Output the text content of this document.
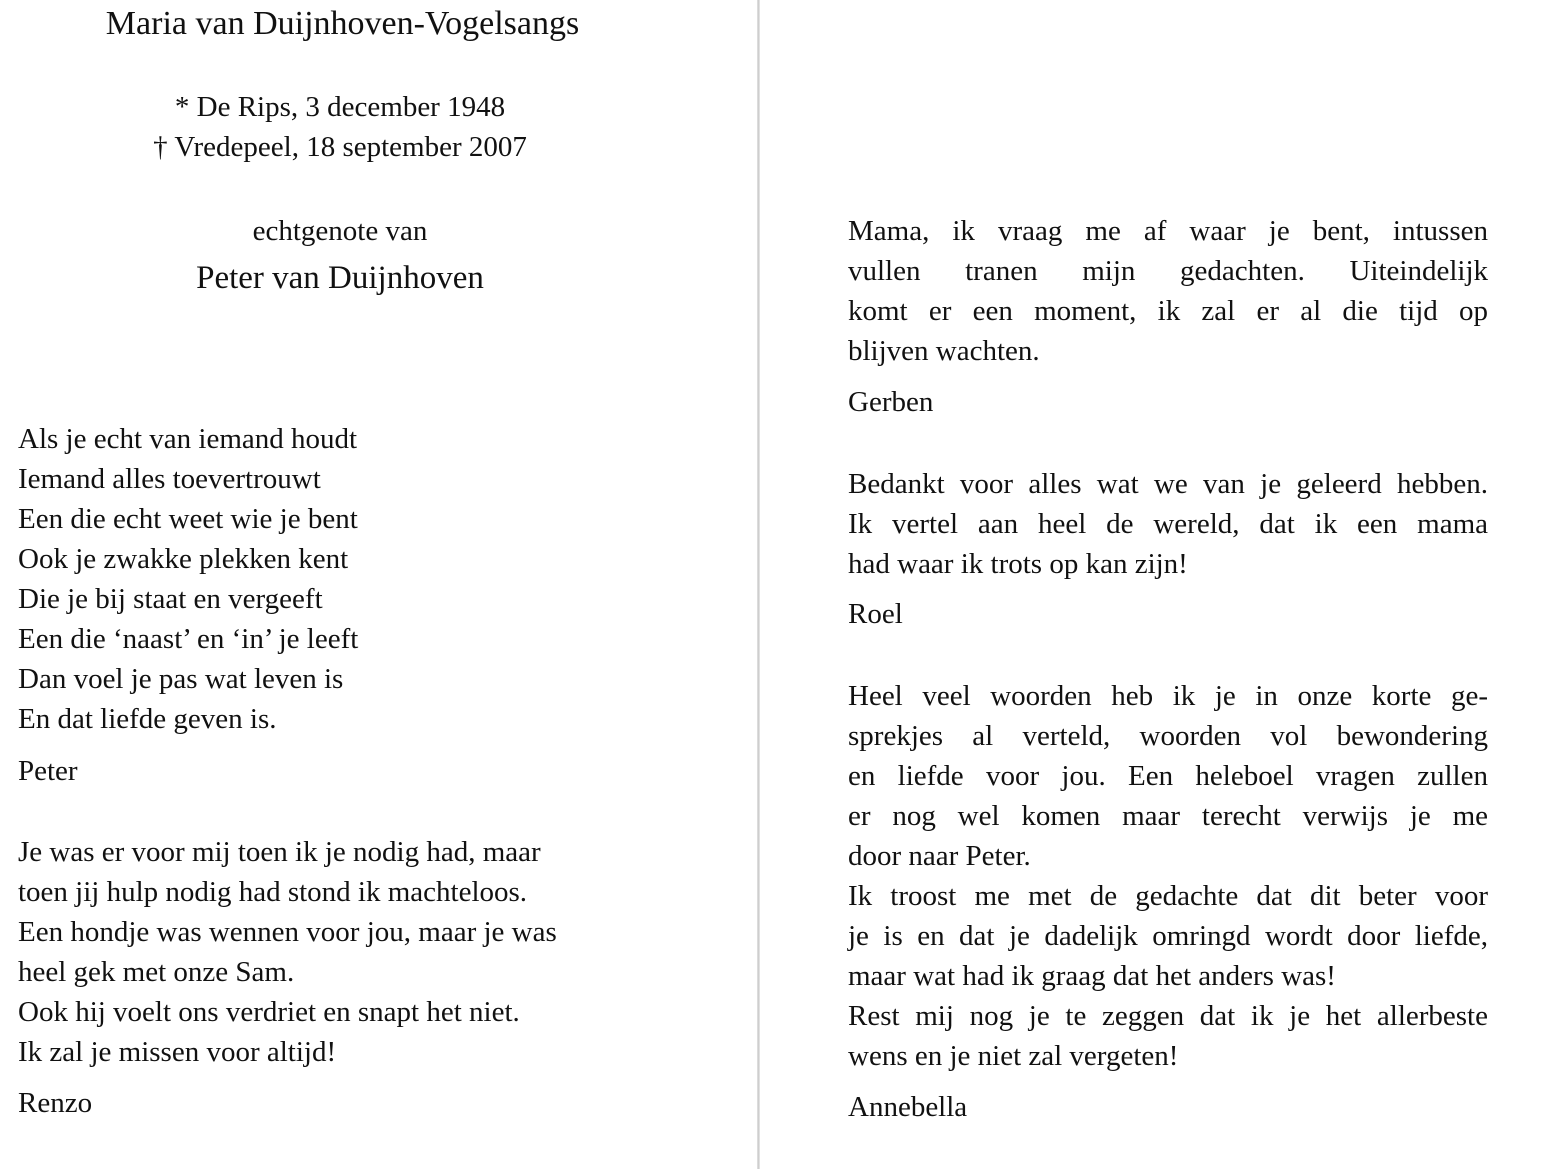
Maria van Duijnhoven-Vogelsangs
* De Rips, 3 december 1948
† Vredepeel, 18 september 2007
echtgenote van
Peter van Duijnhoven
Als je echt van iemand houdt
Iemand alles toevertrouwt
Een die echt weet wie je bent
Ook je zwakke plekken kent
Die je bij staat en vergeeft
Een die ‘naast’ en ‘in’ je leeft
Dan voel je pas wat leven is
En dat liefde geven is.
Peter
Je was er voor mij toen ik je nodig had, maar
toen jij hulp nodig had stond ik machteloos.
Een hondje was wennen voor jou, maar je was
heel gek met onze Sam.
Ook hij voelt ons verdriet en snapt het niet.
Ik zal je missen voor altijd!
Renzo
Mama, ik vraag me af waar je bent, intussen
vullen tranen mijn gedachten. Uiteindelijk
komt er een moment, ik zal er al die tijd op
blijven wachten.
Gerben
Bedankt voor alles wat we van je geleerd hebben.
Ik vertel aan heel de wereld, dat ik een mama
had waar ik trots op kan zijn!
Roel
Heel veel woorden heb ik je in onze korte ge-
sprekjes al verteld, woorden vol bewondering
en liefde voor jou. Een heleboel vragen zullen
er nog wel komen maar terecht verwijs je me
door naar Peter.
Ik troost me met de gedachte dat dit beter voor
je is en dat je dadelijk omringd wordt door liefde,
maar wat had ik graag dat het anders was!
Rest mij nog je te zeggen dat ik je het allerbeste
wens en je niet zal vergeten!
Annebella
